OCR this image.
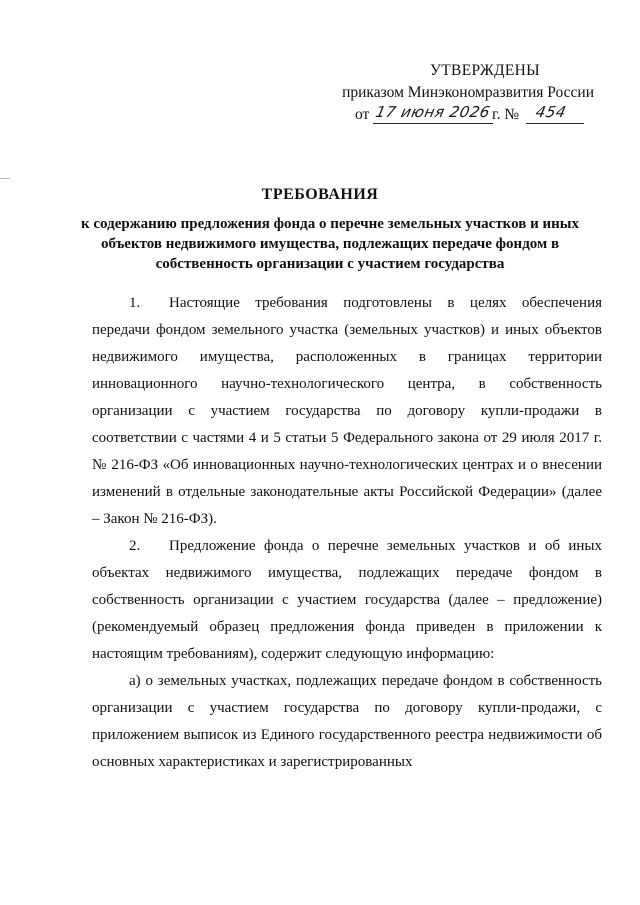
УТВЕРЖДЕНЫ
приказом Минэкономразвития России
от 17 июня 2026 г. № 454
ТРЕБОВАНИЯ
к содержанию предложения фонда о перечне земельных участков и иных объектов недвижимого имущества, подлежащих передаче фондом в собственность организации с участием государства

1. Настоящие требования подготовлены в целях обеспечения передачи фондом земельного участка (земельных участков) и иных объектов недвижимого имущества, расположенных в границах территории инновационного научно-технологического центра, в собственность организации с участием государства по договору купли-продажи в соответствии с частями 4 и 5 статьи 5 Федерального закона от 29 июля 2017 г. № 216-ФЗ «Об инновационных научно-технологических центрах и о внесении изменений в отдельные законодательные акты Российской Федерации» (далее – Закон № 216-ФЗ).

2. Предложение фонда о перечне земельных участков и об иных объектах недвижимого имущества, подлежащих передаче фондом в собственность организации с участием государства (далее – предложение) (рекомендуемый образец предложения фонда приведен в приложении к настоящим требованиям), содержит следующую информацию:

а) о земельных участках, подлежащих передаче фондом в собственность организации с участием государства по договору купли-продажи, с приложением выписок из Единого государственного реестра недвижимости об основных характеристиках и зарегистрированных
